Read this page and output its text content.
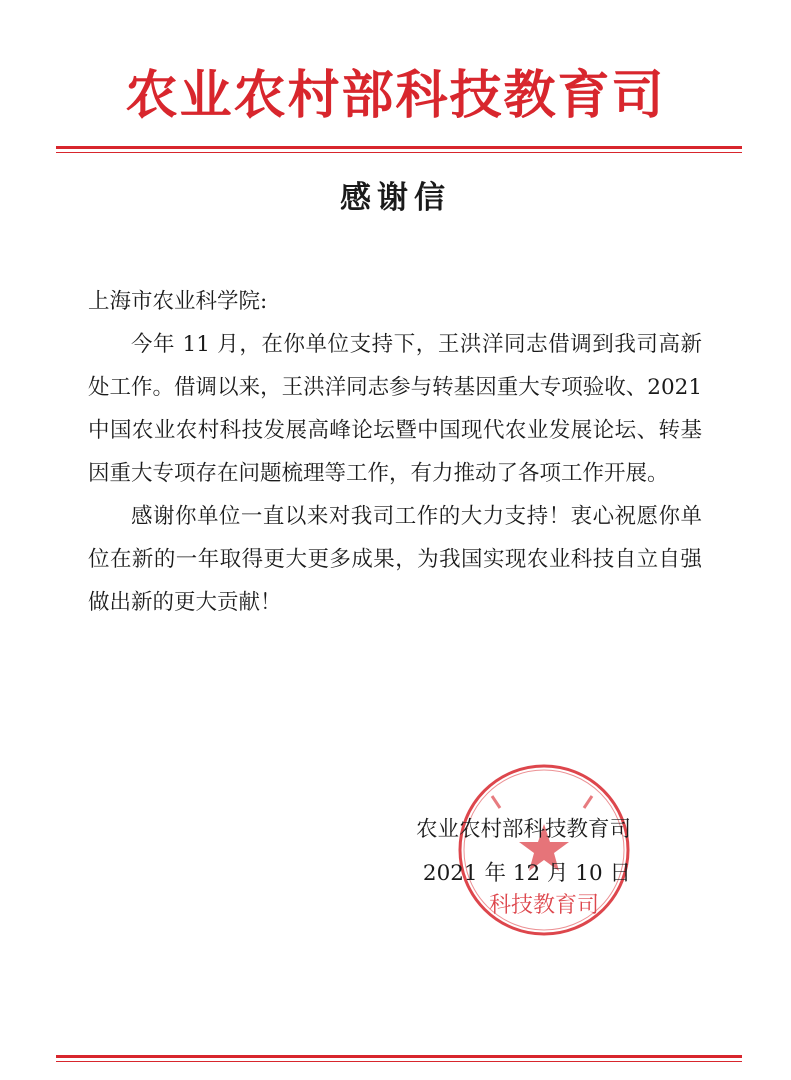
农业农村部科技教育司
感谢信

上海市农业科学院:

今年 11 月，在你单位支持下，王洪洋同志借调到我司高新处工作。借调以来，王洪洋同志参与转基因重大专项验收、2021 中国农业农村科技发展高峰论坛暨中国现代农业发展论坛、转基因重大专项存在问题梳理等工作，有力推动了各项工作开展。

感谢你单位一直以来对我司工作的大力支持！衷心祝愿你单位在新的一年取得更大更多成果，为我国实现农业科技自立自强做出新的更大贡献！

科技教育司
农业农村部科技教育司
2021 年 12 月 10 日
